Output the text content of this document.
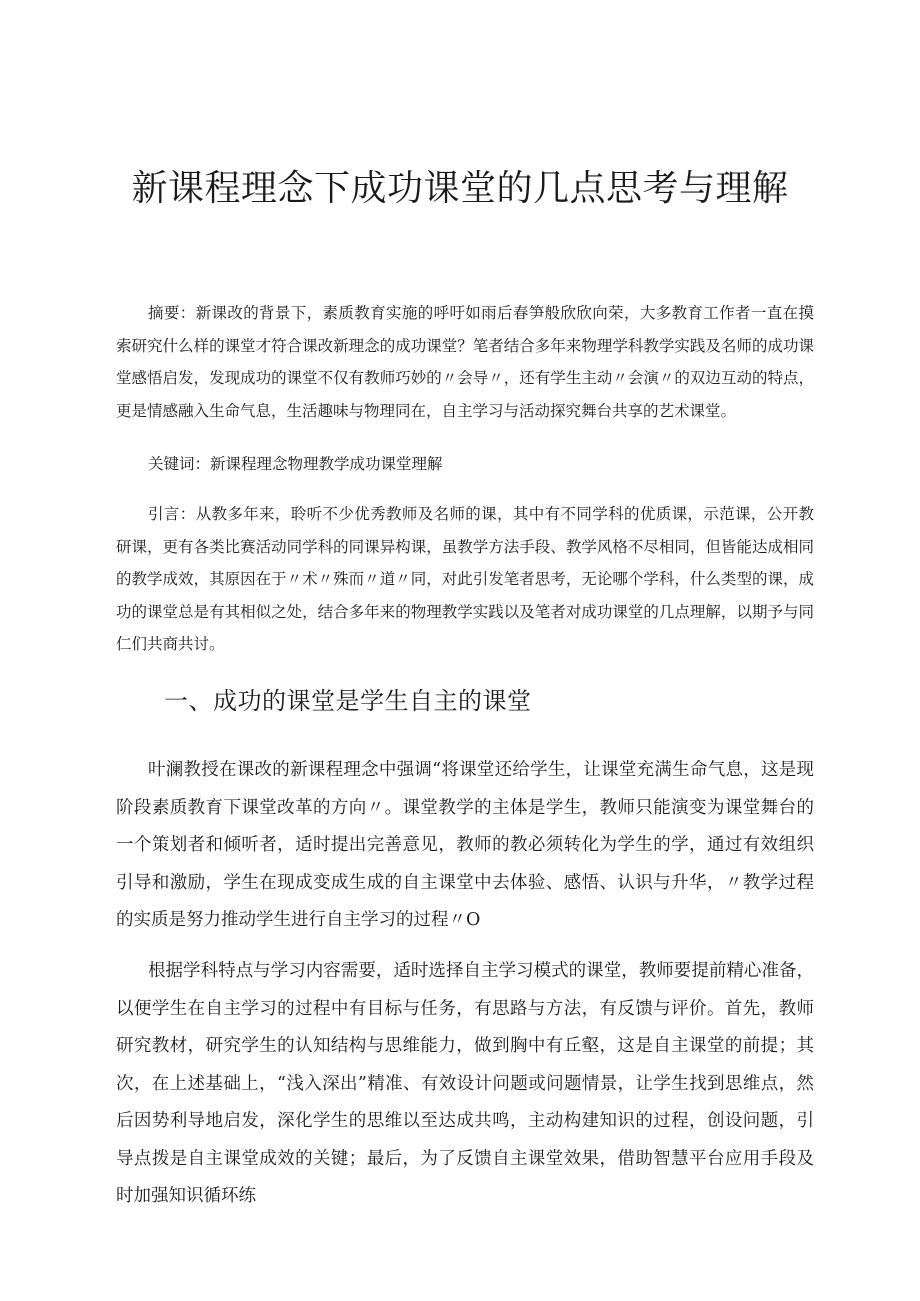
新课程理念下成功课堂的几点思考与理解

摘要：新课改的背景下，素质教育实施的呼吁如雨后春笋般欣欣向荣，大多教育工作者一直在摸索研究什么样的课堂才符合课改新理念的成功课堂？笔者结合多年来物理学科教学实践及名师的成功课堂感悟启发，发现成功的课堂不仅有教师巧妙的〃会导〃，还有学生主动〃会演〃的双边互动的特点，更是情感融入生命气息，生活趣味与物理同在，自主学习与活动探究舞台共享的艺术课堂。

关键词：新课程理念物理教学成功课堂理解

引言：从教多年来，聆听不少优秀教师及名师的课，其中有不同学科的优质课，示范课，公开教研课，更有各类比赛活动同学科的同课异构课，虽教学方法手段、教学风格不尽相同，但皆能达成相同的教学成效，其原因在于〃术〃殊而〃道〃同，对此引发笔者思考，无论哪个学科，什么类型的课，成功的课堂总是有其相似之处，结合多年来的物理教学实践以及笔者对成功课堂的几点理解，以期予与同仁们共商共讨。

一、成功的课堂是学生自主的课堂

叶澜教授在课改的新课程理念中强调“将课堂还给学生，让课堂充满生命气息，这是现阶段素质教育下课堂改革的方向〃。课堂教学的主体是学生，教师只能演变为课堂舞台的一个策划者和倾听者，适时提出完善意见，教师的教必须转化为学生的学，通过有效组织引导和激励，学生在现成变成生成的自主课堂中去体验、感悟、认识与升华，〃教学过程的实质是努力推动学生进行自主学习的过程〃O

根据学科特点与学习内容需要，适时选择自主学习模式的课堂，教师要提前精心准备，以便学生在自主学习的过程中有目标与任务，有思路与方法，有反馈与评价。首先，教师研究教材，研究学生的认知结构与思维能力，做到胸中有丘壑，这是自主课堂的前提；其次，在上述基础上，“浅入深出”精准、有效设计问题或问题情景，让学生找到思维点，然后因势利导地启发，深化学生的思维以至达成共鸣，主动构建知识的过程，创设问题，引导点拨是自主课堂成效的关键；最后，为了反馈自主课堂效果，借助智慧平台应用手段及时加强知识循环练
